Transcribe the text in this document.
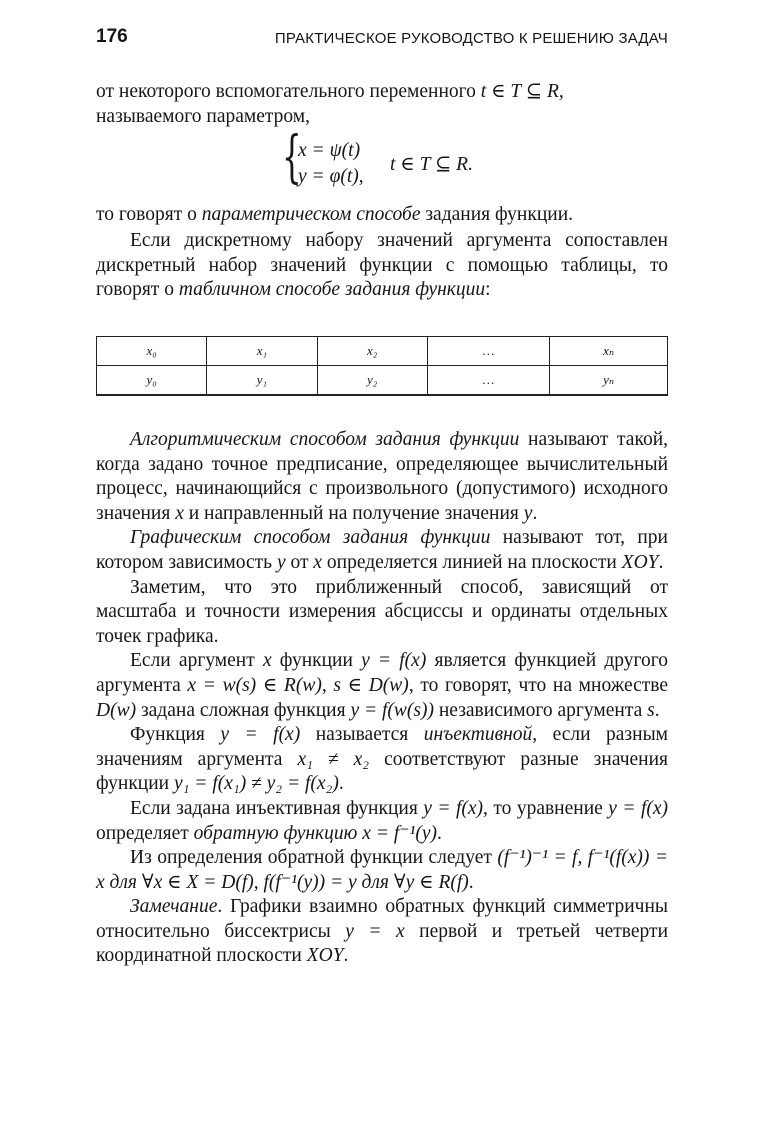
176	ПРАКТИЧЕСКОЕ РУКОВОДСТВО К РЕШЕНИЮ ЗАДАЧ

от некоторого вспомогательного переменного t ∈ T ⊆ R,
называемого параметром,

{
x = ψ(t)
y = φ(t),
t ∈ T ⊆ R.

то говорят о параметрическом способе задания функции.

Если дискретному набору значений аргумента сопоставлен дискретный набор значений функции с помощью таблицы, то говорят о табличном способе задания функции:

x₀	x₁	x₂	…	xₙ
y₀	y₁	y₂	…	yₙ

Алгоритмическим способом задания функции называют такой, когда задано точное предписание, определяющее вычислительный процесс, начинающийся с произвольного (допустимого) исходного значения x и направленный на получение значения y.

Графическим способом задания функции называют тот, при котором зависимость y от x определяется линией на плоскости XOY.

Заметим, что это приближенный способ, зависящий от масштаба и точности измерения абсциссы и ординаты отдельных точек графика.

Если аргумент x функции y = f(x) является функцией другого аргумента x = w(s) ∈ R(w), s ∈ D(w), то говорят, что на множестве D(w) задана сложная функция y = f(w(s)) независимого аргумента s.

Функция y = f(x) называется инъективной, если разным значениям аргумента x₁ ≠ x₂ соответствуют разные значения функции y₁ = f(x₁) ≠ y₂ = f(x₂).

Если задана инъективная функция y = f(x), то уравнение y = f(x) определяет обратную функцию x = f⁻¹(y).

Из определения обратной функции следует (f⁻¹)⁻¹ = f, f⁻¹(f(x)) = x для ∀x ∈ X = D(f), f(f⁻¹(y)) = y для ∀y ∈ R(f).

Замечание. Графики взаимно обратных функций симметричны относительно биссектрисы y = x первой и третьей четверти координатной плоскости XOY.
